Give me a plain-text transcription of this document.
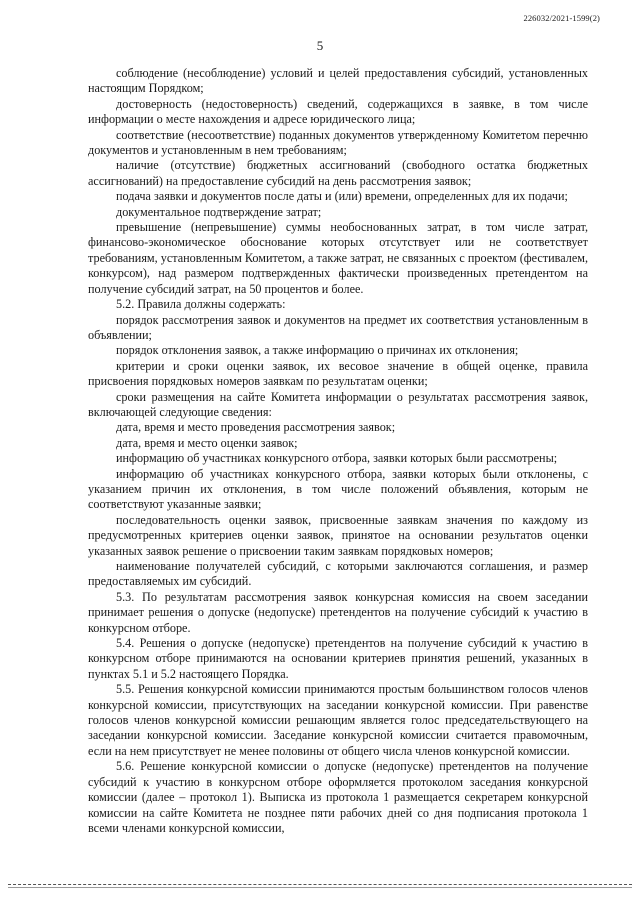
226032/2021-1599(2)
5

соблюдение (несоблюдение) условий и целей предоставления субсидий, установленных настоящим Порядком;

достоверность (недостоверность) сведений, содержащихся в заявке, в том числе информации о месте нахождения и адресе юридического лица;

соответствие (несоответствие) поданных документов утвержденному Комитетом перечню документов и установленным в нем требованиям;

наличие (отсутствие) бюджетных ассигнований (свободного остатка бюджетных ассигнований) на предоставление субсидий на день рассмотрения заявок;

подача заявки и документов после даты и (или) времени, определенных для их подачи;

документальное подтверждение затрат;

превышение (непревышение) суммы необоснованных затрат, в том числе затрат, финансово-экономическое обоснование которых отсутствует или не соответствует требованиям, установленным Комитетом, а также затрат, не связанных с проектом (фестивалем, конкурсом), над размером подтвержденных фактически произведенных претендентом на получение субсидий затрат, на 50 процентов и более.

5.2. Правила должны содержать:

порядок рассмотрения заявок и документов на предмет их соответствия установленным в объявлении;

порядок отклонения заявок, а также информацию о причинах их отклонения;

критерии и сроки оценки заявок, их весовое значение в общей оценке, правила присвоения порядковых номеров заявкам по результатам оценки;

сроки размещения на сайте Комитета информации о результатах рассмотрения заявок, включающей следующие сведения:

дата, время и место проведения рассмотрения заявок;

дата, время и место оценки заявок;

информацию об участниках конкурсного отбора, заявки которых были рассмотрены;

информацию об участниках конкурсного отбора, заявки которых были отклонены, с указанием причин их отклонения, в том числе положений объявления, которым не соответствуют указанные заявки;

последовательность оценки заявок, присвоенные заявкам значения по каждому из предусмотренных критериев оценки заявок, принятое на основании результатов оценки указанных заявок решение о присвоении таким заявкам порядковых номеров;

наименование получателей субсидий, с которыми заключаются соглашения, и размер предоставляемых им субсидий.

5.3. По результатам рассмотрения заявок конкурсная комиссия на своем заседании принимает решения о допуске (недопуске) претендентов на получение субсидий к участию в конкурсном отборе.

5.4. Решения о допуске (недопуске) претендентов на получение субсидий к участию в конкурсном отборе принимаются на основании критериев принятия решений, указанных в пунктах 5.1 и 5.2 настоящего Порядка.

5.5. Решения конкурсной комиссии принимаются простым большинством голосов членов конкурсной комиссии, присутствующих на заседании конкурсной комиссии. При равенстве голосов членов конкурсной комиссии решающим является голос председательствующего на заседании конкурсной комиссии. Заседание конкурсной комиссии считается правомочным, если на нем присутствует не менее половины от общего числа членов конкурсной комиссии.

5.6. Решение конкурсной комиссии о допуске (недопуске) претендентов на получение субсидий к участию в конкурсном отборе оформляется протоколом заседания конкурсной комиссии (далее – протокол 1). Выписка из протокола 1 размещается секретарем конкурсной комиссии на сайте Комитета не позднее пяти рабочих дней со дня подписания протокола 1 всеми членами конкурсной комиссии,
